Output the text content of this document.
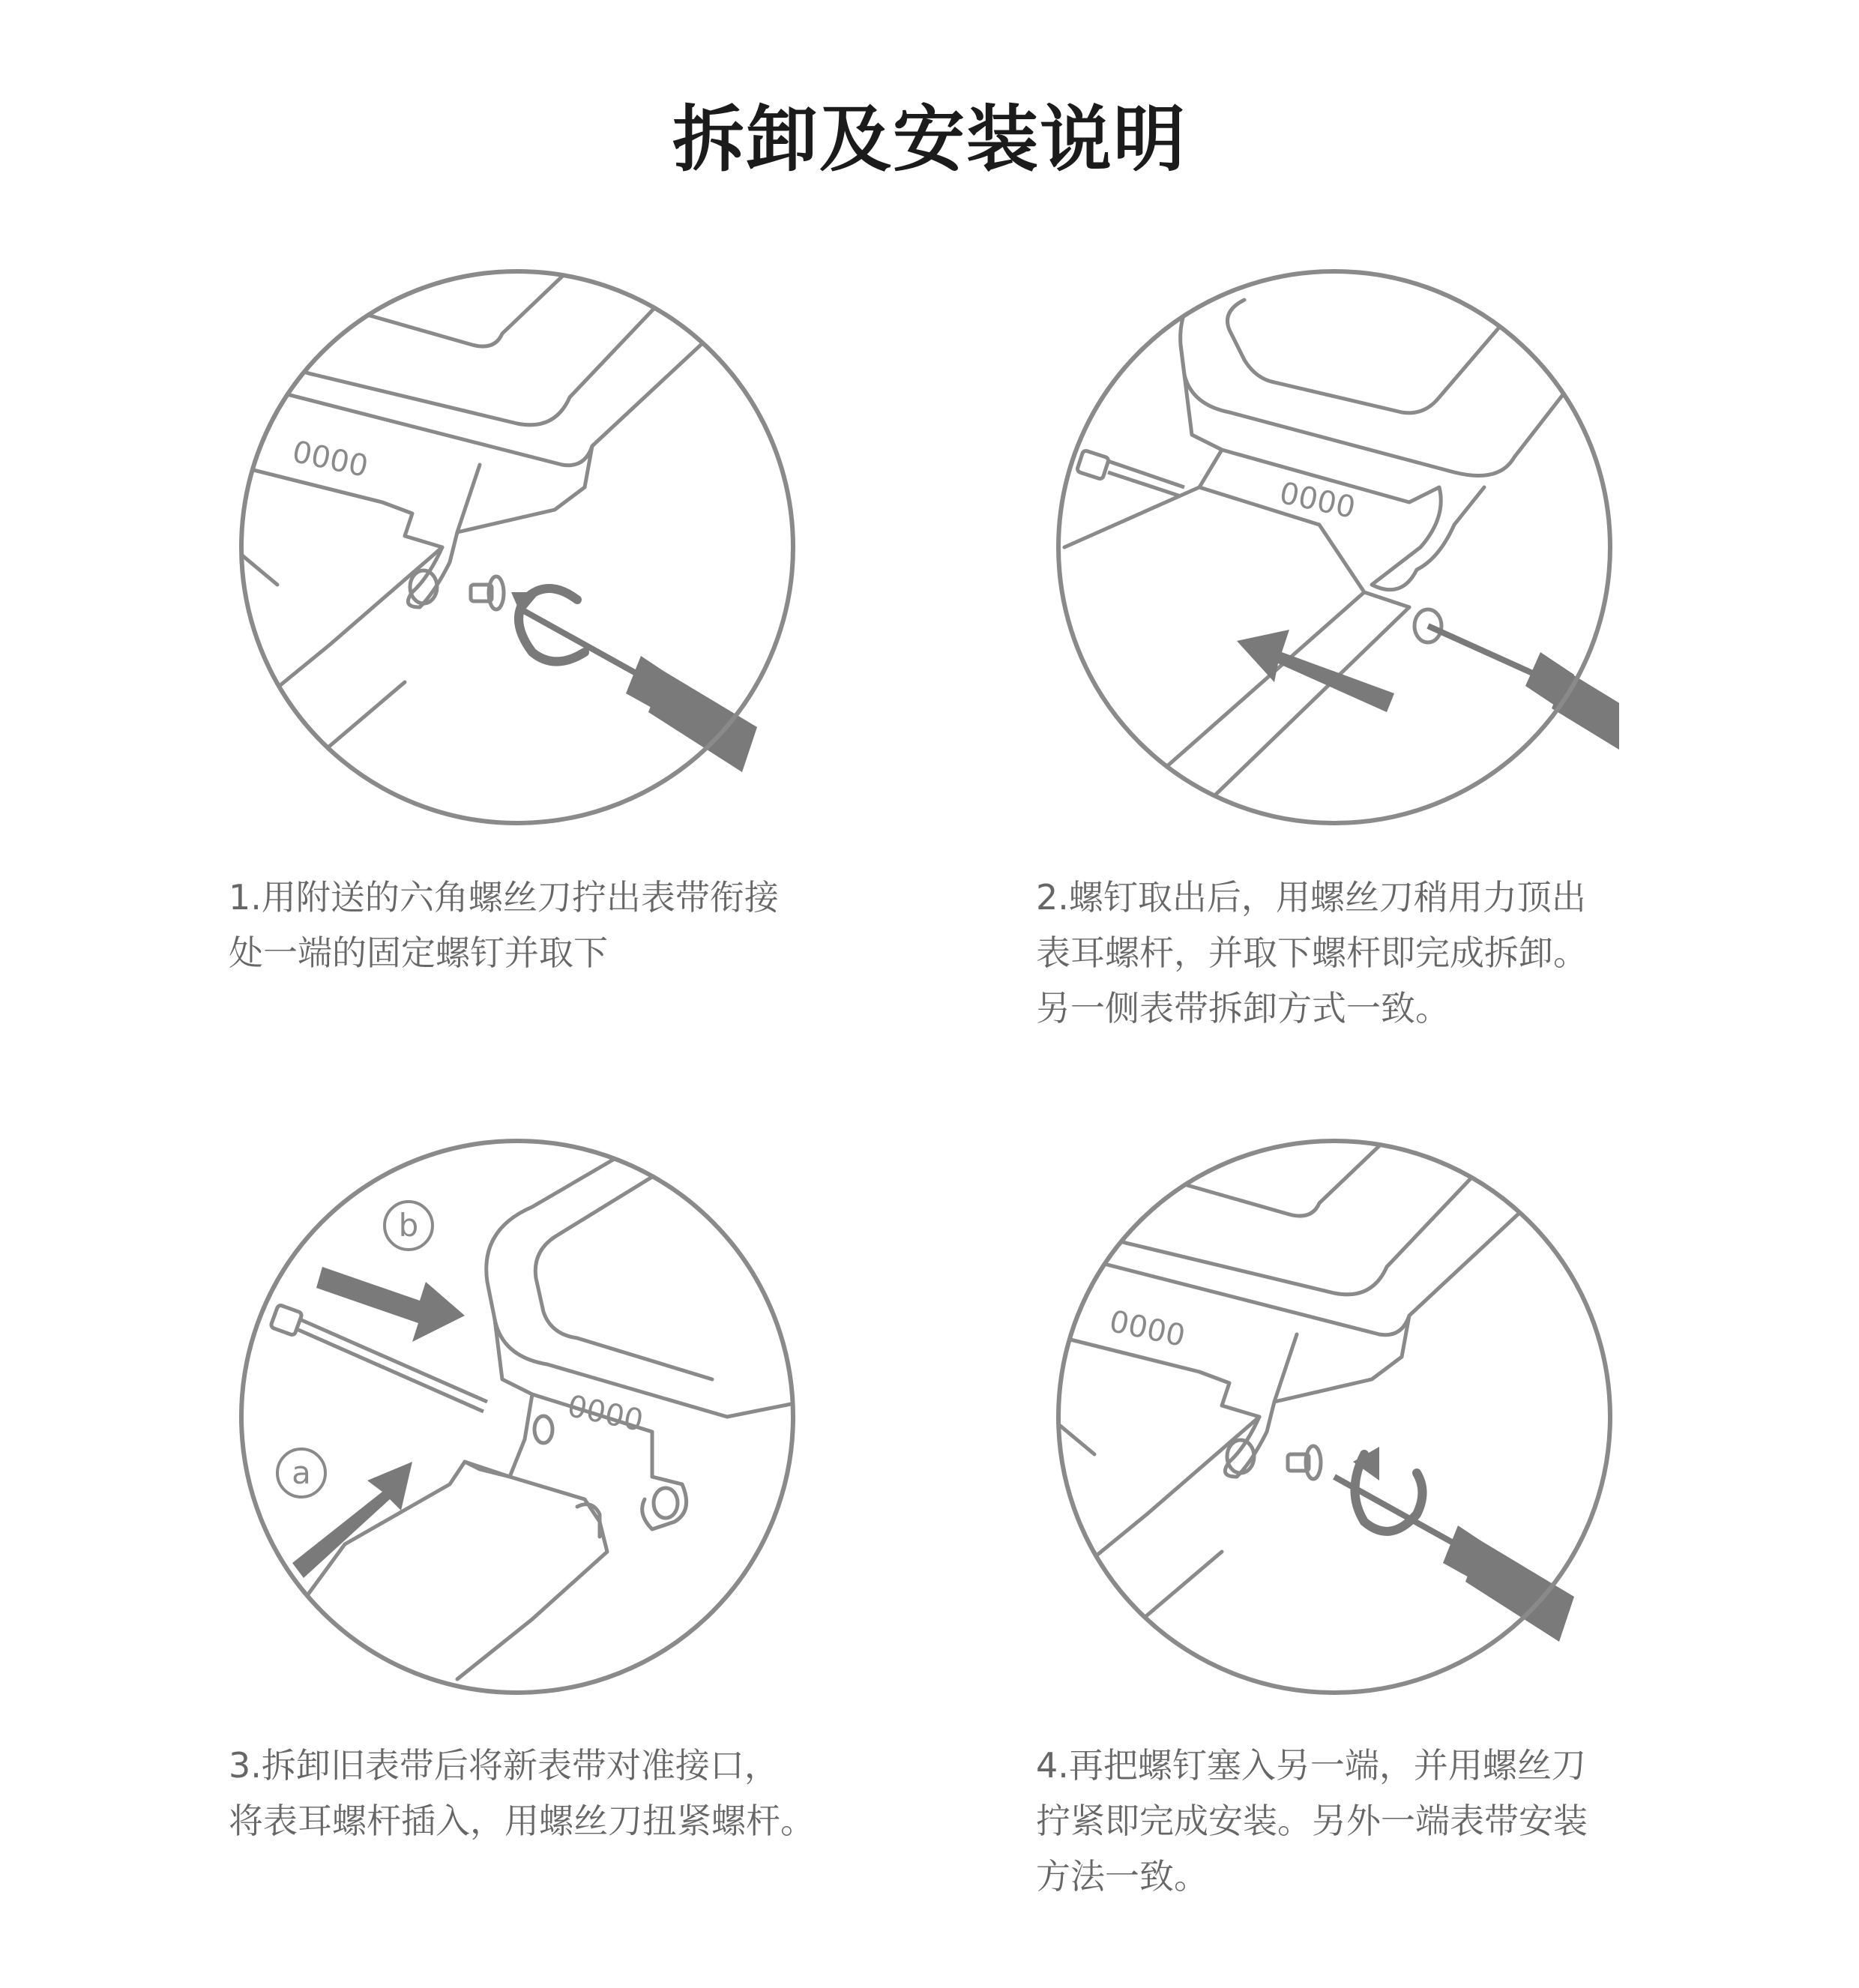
拆卸及安装说明
0000
0000
0000
b
a
0000
1.用附送的六角螺丝刀拧出表带衔接
处一端的固定螺钉并取下
2.螺钉取出后，用螺丝刀稍用力顶出
表耳螺杆，并取下螺杆即完成拆卸。
另一侧表带拆卸方式一致。
3.拆卸旧表带后将新表带对准接口，
将表耳螺杆插入，用螺丝刀扭紧螺杆。
4.再把螺钉塞入另一端，并用螺丝刀
拧紧即完成安装。另外一端表带安装
方法一致。
